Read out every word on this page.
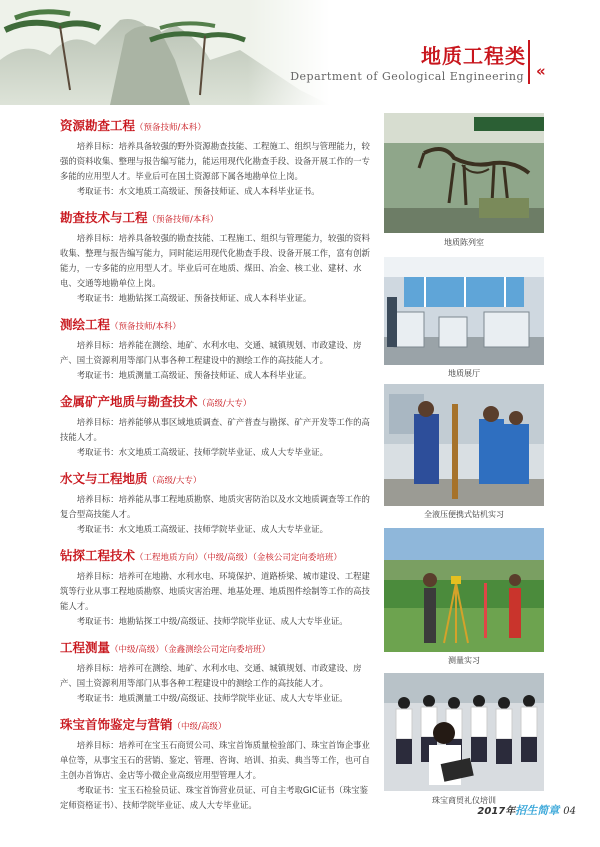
地质工程类
Department of Geological Engineering «
资源勘查工程（预备技师/本科）

培养目标：培养具备较强的野外资源勘查技能、工程施工、组织与管理能力，较强的资料收集、整理与报告编写能力，能运用现代化勘查手段、设备开展工作的一专多能的应用型人才。毕业后可在国土资源部下属各地勘单位上岗。

考取证书：水文地质工高级证、预备技师证、成人本科毕业证书。

勘查技术与工程（预备技师/本科）

培养目标：培养具备较强的勘查技能、工程施工、组织与管理能力，较强的资料收集、整理与报告编写能力，同时能运用现代化勘查手段、设备开展工作，富有创新能力，一专多能的应用型人才。毕业后可在地质、煤田、冶金、核工业、建材、水电、交通等地勘单位上岗。

考取证书：地勘钻探工高级证、预备技师证、成人本科毕业证。

测绘工程（预备技师/本科）

培养目标：培养能在测绘、地矿、水利水电、交通、城镇规划、市政建设、房产、国土资源利用等部门从事各种工程建设中的测绘工作的高技能人才。

考取证书：地质测量工高级证、预备技师证、成人本科毕业证。

金属矿产地质与勘查技术（高级/大专）

培养目标：培养能够从事区域地质调查、矿产普查与勘探、矿产开发等工作的高技能人才。

考取证书：水文地质工高级证、技师学院毕业证、成人大专毕业证。

水文与工程地质（高级/大专）

培养目标：培养能从事工程地质勘察、地质灾害防治以及水文地质调查等工作的复合型高技能人才。

考取证书：水文地质工高级证、技师学院毕业证、成人大专毕业证。

钻探工程技术（工程地质方向）（中级/高级）（金核公司定向委培班）

培养目标：培养可在地勘、水利水电、环境保护、道路桥梁、城市建设、工程建筑等行业从事工程地质勘察、地质灾害治理、地基处理、地质图件绘制等工作的高技能人才。

考取证书：地勘钻探工中级/高级证、技师学院毕业证、成人大专毕业证。

工程测量（中级/高级）（金鑫测绘公司定向委培班）

培养目标：培养可在测绘、地矿、水利水电、交通、城镇规划、市政建设、房产、国土资源利用等部门从事各种工程建设中的测绘工作的高技能人才。

考取证书：地质测量工中级/高级证、技师学院毕业证、成人大专毕业证。

珠宝首饰鉴定与营销（中级/高级）

培养目标：培养可在宝玉石商贸公司、珠宝首饰质量检验部门、珠宝首饰企事业单位等，从事宝玉石的营销、鉴定、管理、咨询、培训、拍卖、典当等工作，也可自主创办首饰店、金店等小微企业高级应用型管理人才。

考取证书：宝玉石检验员证、珠宝首饰营业员证、可自主考取GIC证书（珠宝鉴定师资格证书）、技师学院毕业证、成人大专毕业证。

地质陈列室
地质展厅
全液压便携式钻机实习
测量实习
珠宝商贸礼仪培训
2017年招生简章 04
